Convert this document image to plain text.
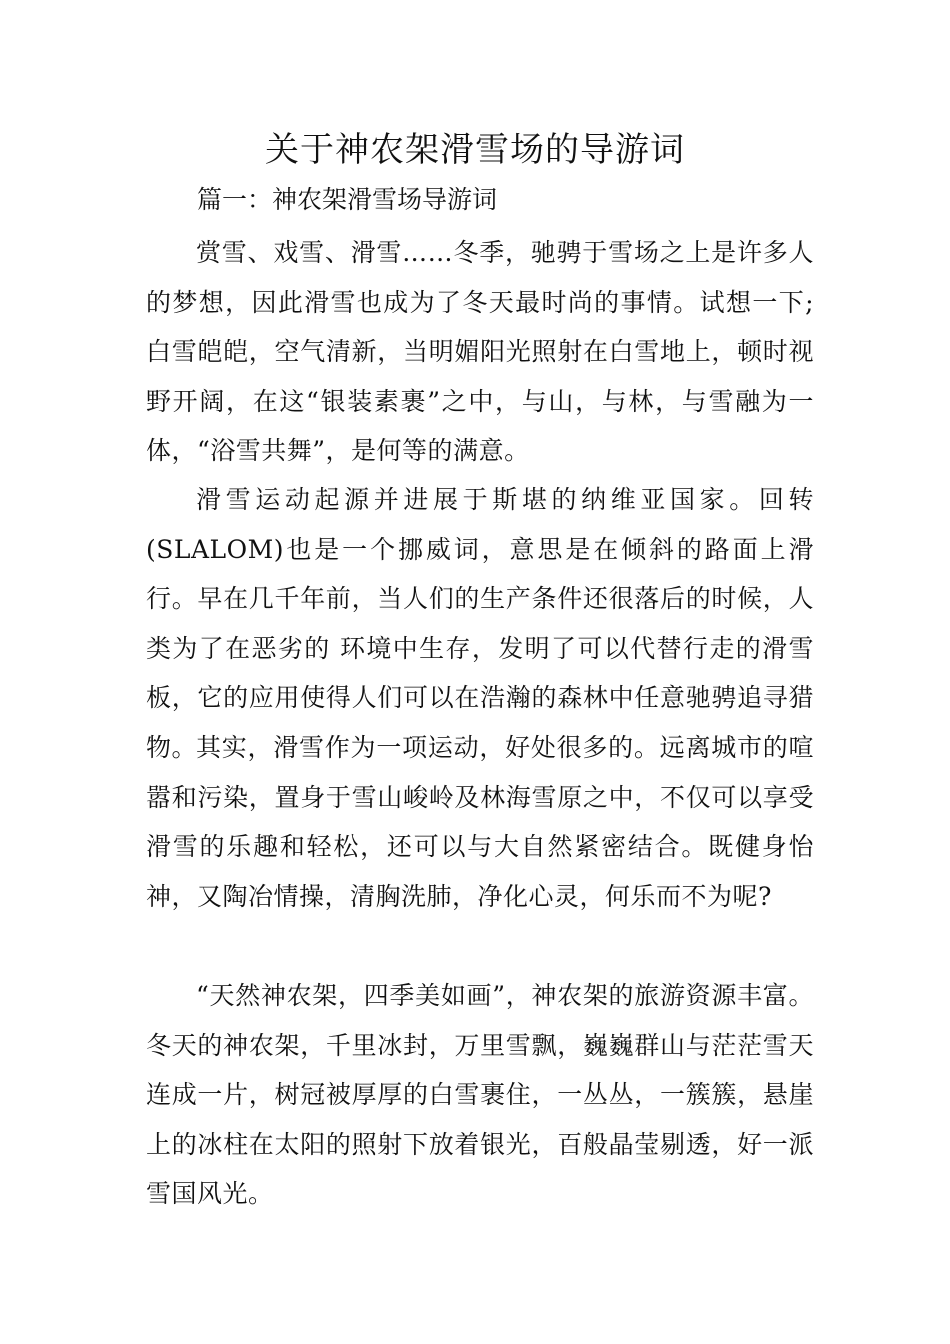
关于神农架滑雪场的导游词

篇一：神农架滑雪场导游词

赏雪、戏雪、滑雪……冬季，驰骋于雪场之上是许多人的梦想，因此滑雪也成为了冬天最时尚的事情。试想一下;白雪皑皑，空气清新，当明媚阳光照射在白雪地上，顿时视野开阔，在这“银装素裹”之中，与山，与林，与雪融为一体，“浴雪共舞”，是何等的满意。

滑雪运动起源并进展于斯堪的纳维亚国家。回转(SLALOM)也是一个挪威词，意思是在倾斜的路面上滑行。早在几千年前，当人们的生产条件还很落后的时候，人类为了在恶劣的 环境中生存，发明了可以代替行走的滑雪板，它的应用使得人们可以在浩瀚的森林中任意驰骋追寻猎物。

其实，滑雪作为一项运动，好处很多的。远离城市的喧嚣和污染，置身于雪山峻岭及林海雪原之中，不仅可以享受滑雪的乐趣和轻松，还可以与大自然紧密结合。既健身怡神，又陶冶情操，清胸洗肺，净化心灵，何乐而不为呢?

“天然神农架，四季美如画”，神农架的旅游资源丰富。冬天的神农架，千里冰封，万里雪飘，巍巍群山与茫茫雪天连成一片，树冠被厚厚的白雪裹住，一丛丛，一簇簇，悬崖上的冰柱在太阳的照射下放着银光，百般晶莹剔透，好一派雪国风光。
